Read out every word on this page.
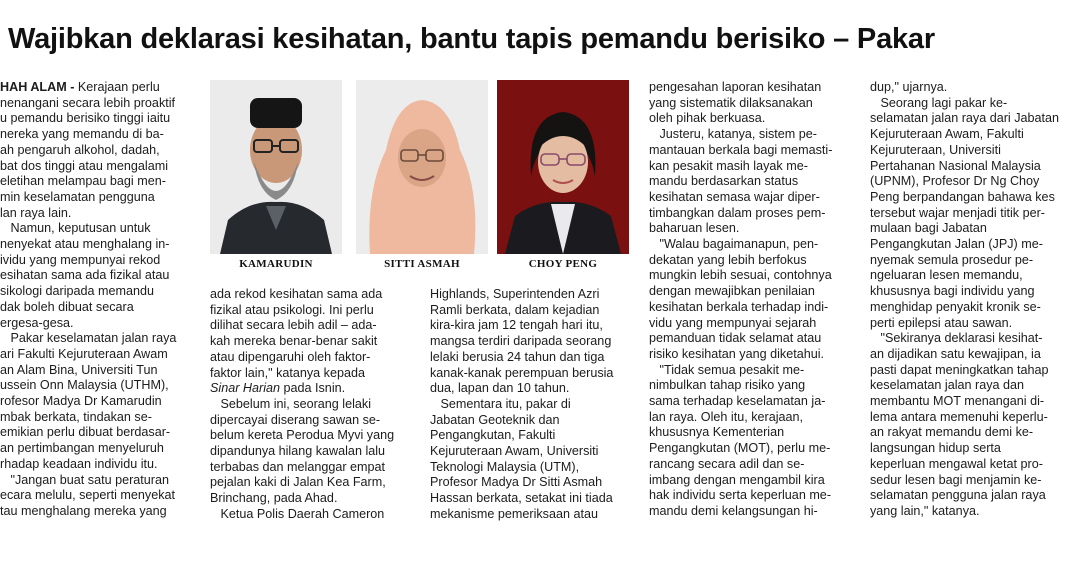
Wajibkan deklarasi kesihatan, bantu tapis pemandu berisiko – Pakar
HAH ALAM - Kerajaan perlu
nenangani secara lebih proaktif
u pemandu berisiko tinggi iaitu
nereka yang memandu di ba-
ah pengaruh alkohol, dadah,
bat dos tinggi atau mengalami
eletihan melampau bagi men-
min keselamatan pengguna
lan raya lain.
Namun, keputusan untuk
nenyekat atau menghalang in-
ividu yang mempunyai rekod
esihatan sama ada fizikal atau
sikologi daripada memandu
dak boleh dibuat secara
ergesa-gesa.
Pakar keselamatan jalan raya
ari Fakulti Kejuruteraan Awam
an Alam Bina, Universiti Tun
ussein Onn Malaysia (UTHM),
rofesor Madya Dr Kamarudin
mbak berkata, tindakan se-
emikian perlu dibuat berdasar-
an pertimbangan menyeluruh
rhadap keadaan individu itu.
"Jangan buat satu peraturan
ecara melulu, seperti menyekat
tau menghalang mereka yang
ada rekod kesihatan sama ada
fizikal atau psikologi. Ini perlu
dilihat secara lebih adil – ada-
kah mereka benar-benar sakit
atau dipengaruhi oleh faktor-
faktor lain," katanya kepada
Sinar Harian pada Isnin.
Sebelum ini, seorang lelaki
dipercayai diserang sawan se-
belum kereta Perodua Myvi yang
dipandunya hilang kawalan lalu
terbabas dan melanggar empat
pejalan kaki di Jalan Kea Farm,
Brinchang, pada Ahad.
Ketua Polis Daerah Cameron
Highlands, Superintenden Azri
Ramli berkata, dalam kejadian
kira-kira jam 12 tengah hari itu,
mangsa terdiri daripada seorang
lelaki berusia 24 tahun dan tiga
kanak-kanak perempuan berusia
dua, lapan dan 10 tahun.
Sementara itu, pakar di
Jabatan Geoteknik dan
Pengangkutan, Fakulti
Kejuruteraan Awam, Universiti
Teknologi Malaysia (UTM),
Profesor Madya Dr Sitti Asmah
Hassan berkata, setakat ini tiada
mekanisme pemeriksaan atau
pengesahan laporan kesihatan
yang sistematik dilaksanakan
oleh pihak berkuasa.
Justeru, katanya, sistem pe-
mantauan berkala bagi memasti-
kan pesakit masih layak me-
mandu berdasarkan status
kesihatan semasa wajar diper-
timbangkan dalam proses pem-
baharuan lesen.
"Walau bagaimanapun, pen-
dekatan yang lebih berfokus
mungkin lebih sesuai, contohnya
dengan mewajibkan penilaian
kesihatan berkala terhadap indi-
vidu yang mempunyai sejarah
pemanduan tidak selamat atau
risiko kesihatan yang diketahui.
"Tidak semua pesakit me-
nimbulkan tahap risiko yang
sama terhadap keselamatan ja-
lan raya. Oleh itu, kerajaan,
khususnya Kementerian
Pengangkutan (MOT), perlu me-
rancang secara adil dan se-
imbang dengan mengambil kira
hak individu serta keperluan me-
mandu demi kelangsungan hi-
dup," ujarnya.
Seorang lagi pakar ke-
selamatan jalan raya dari Jabatan
Kejuruteraan Awam, Fakulti
Kejuruteraan, Universiti
Pertahanan Nasional Malaysia
(UPNM), Profesor Dr Ng Choy
Peng berpandangan bahawa kes
tersebut wajar menjadi titik per-
mulaan bagi Jabatan
Pengangkutan Jalan (JPJ) me-
nyemak semula prosedur pe-
ngeluaran lesen memandu,
khususnya bagi individu yang
menghidap penyakit kronik se-
perti epilepsi atau sawan.
"Sekiranya deklarasi kesihat-
an dijadikan satu kewajipan, ia
pasti dapat meningkatkan tahap
keselamatan jalan raya dan
membantu MOT menangani di-
lema antara memenuhi keperlu-
an rakyat memandu demi ke-
langsungan hidup serta
keperluan mengawal ketat pro-
sedur lesen bagi menjamin ke-
selamatan pengguna jalan raya
yang lain," katanya.
KAMARUDIN	SITTI ASMAH	CHOY PENG
